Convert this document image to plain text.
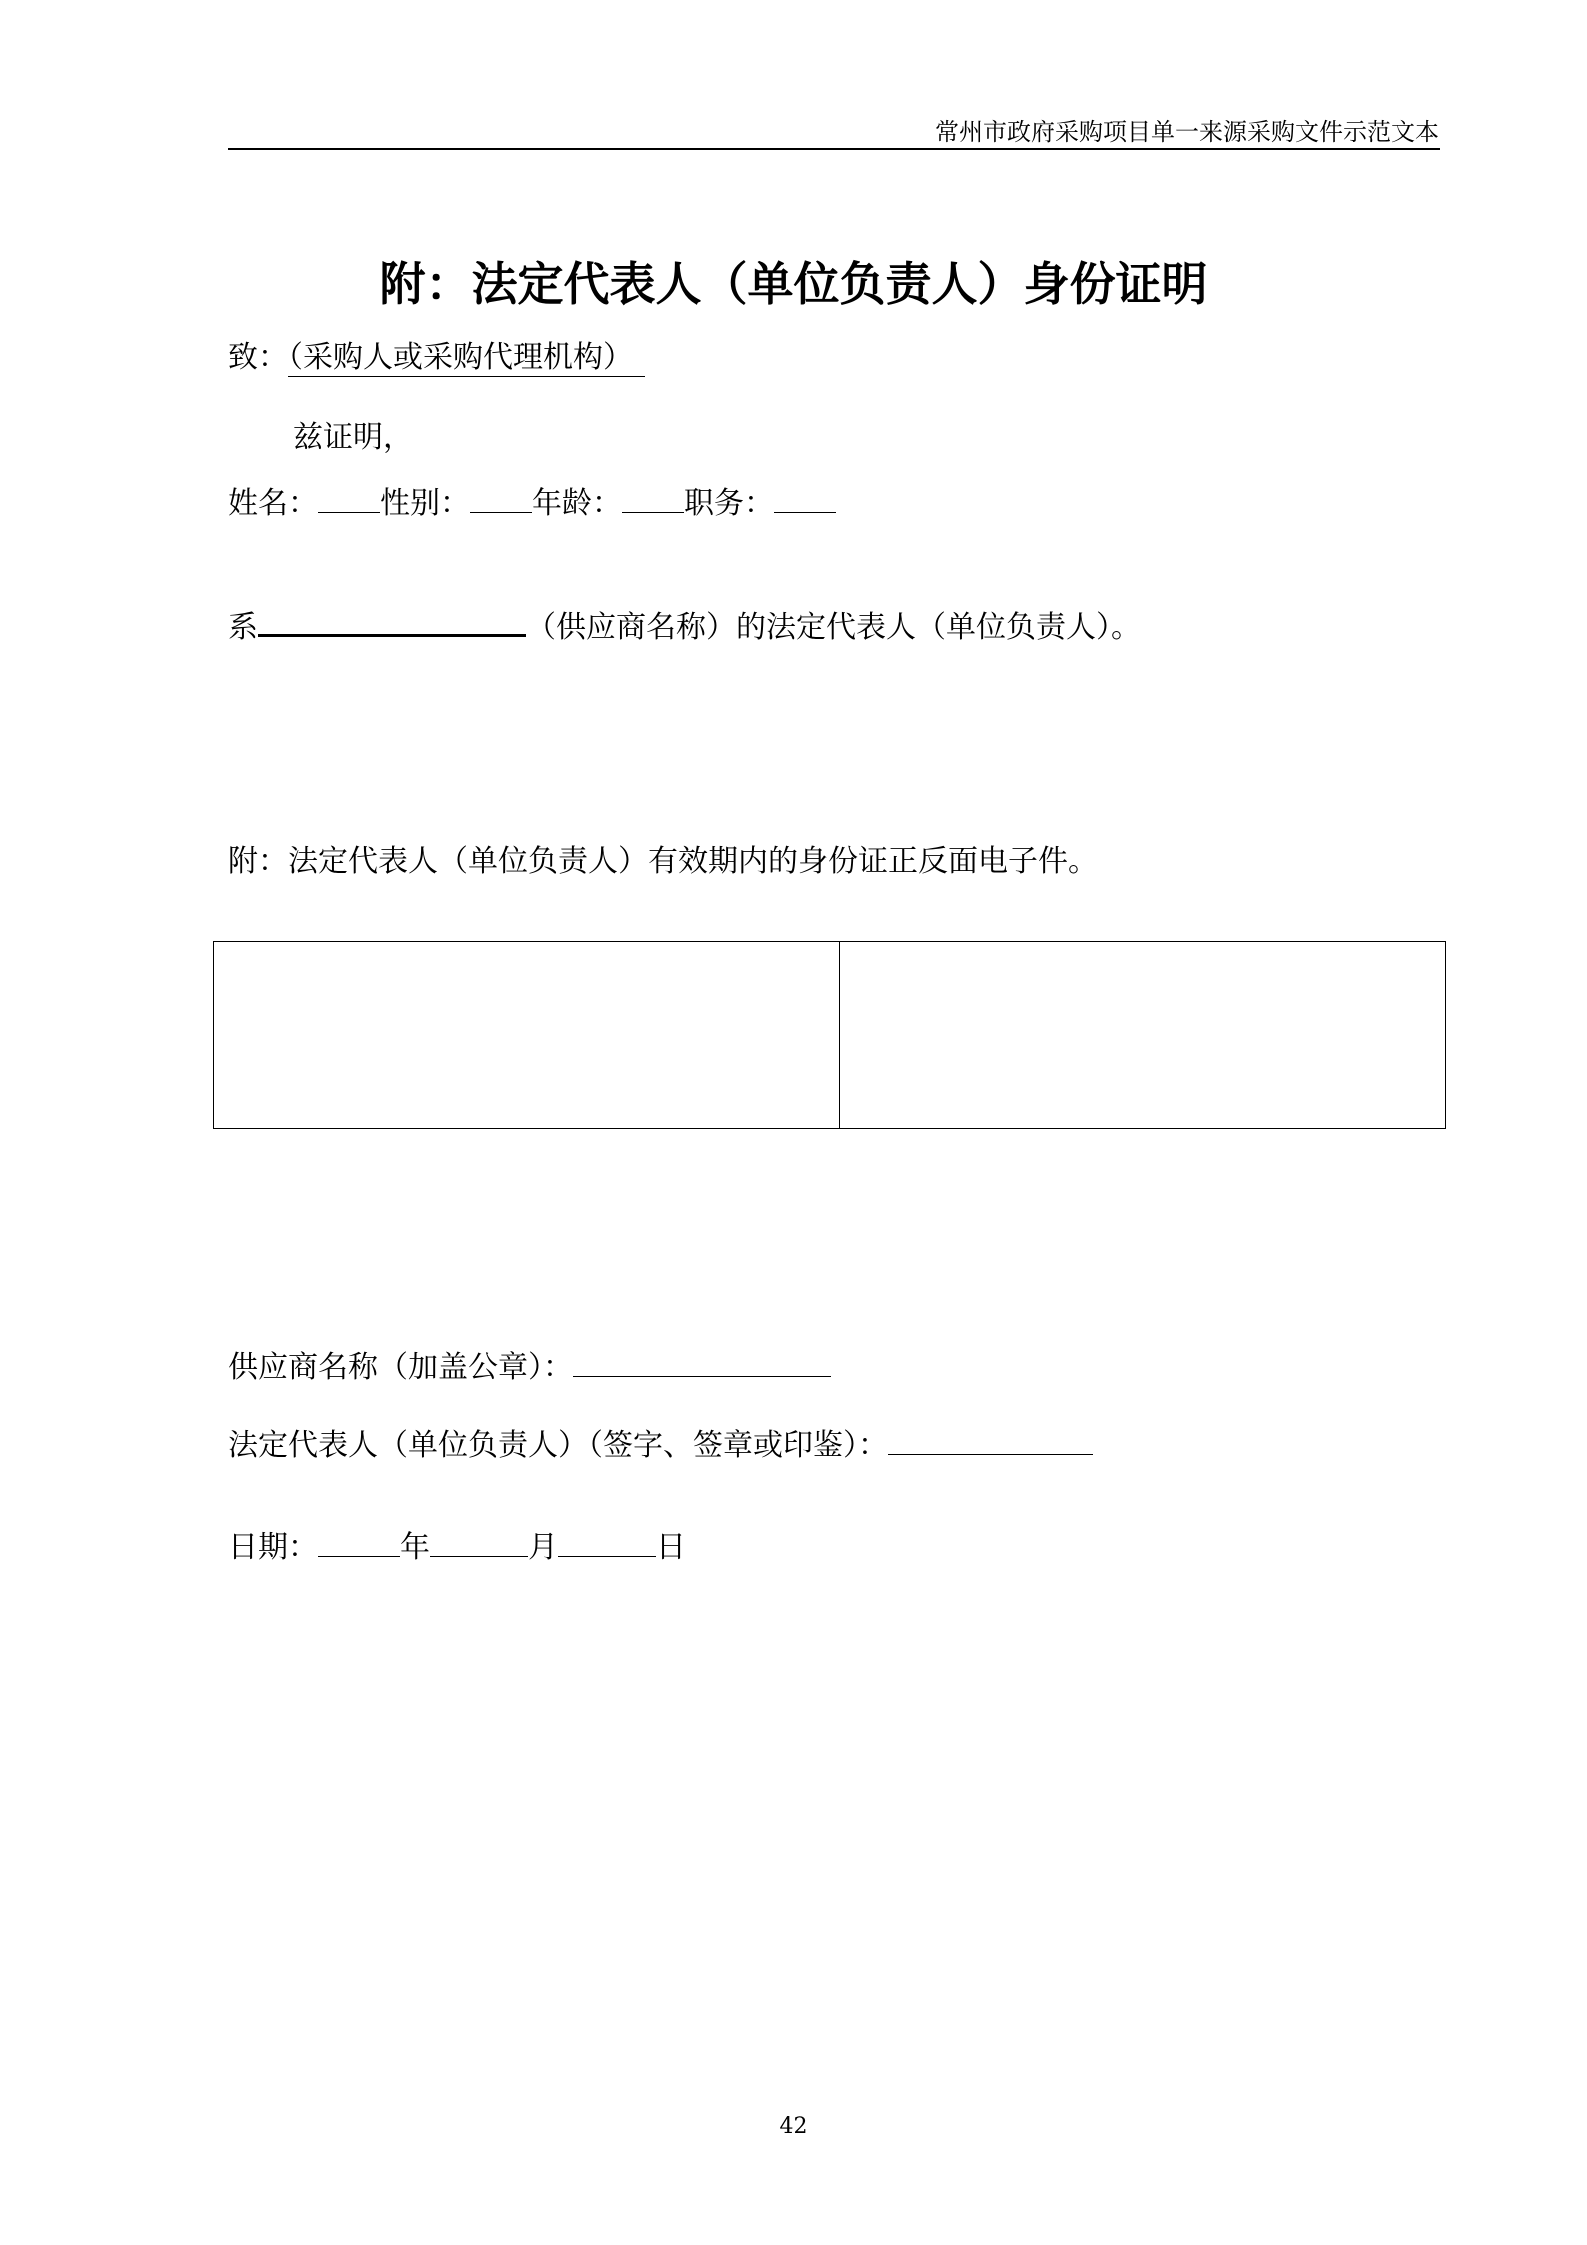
常州市政府采购项目单一来源采购文件示范文本
附：法定代表人（单位负责人）身份证明
致：（采购人或采购代理机构）
兹证明，
姓名： 性别： 年龄： 职务：
系	（供应商名称）的法定代表人（单位负责人）。
附：法定代表人（单位负责人）有效期内的身份证正反面电子件。
供应商名称（加盖公章）：
法定代表人（单位负责人）（签字、签章或印鉴）：
日期：	年	月	日
42
